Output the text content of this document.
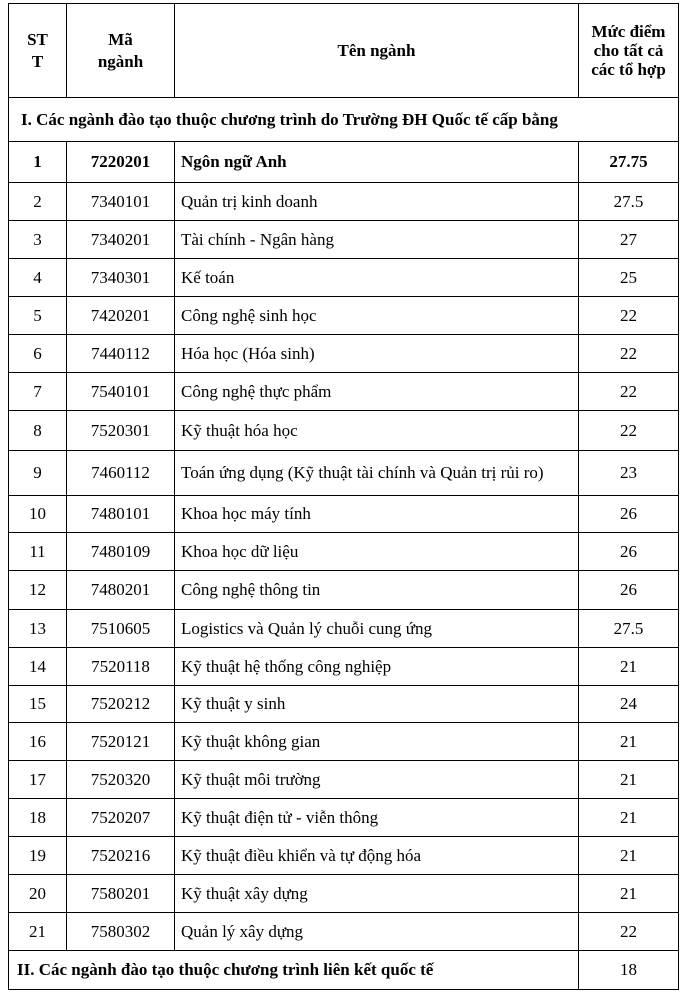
STT	Mã ngành	Tên ngành	Mức điểm cho tất cả các tổ hợp
I. Các ngành đào tạo thuộc chương trình do Trường ĐH Quốc tế cấp bằng			
1	7220201	Ngôn ngữ Anh	27.75
2	7340101	Quản trị kinh doanh	27.5
3	7340201	Tài chính - Ngân hàng	27
4	7340301	Kế toán	25
5	7420201	Công nghệ sinh học	22
6	7440112	Hóa học (Hóa sinh)	22
7	7540101	Công nghệ thực phẩm	22
8	7520301	Kỹ thuật hóa học	22
9	7460112	Toán ứng dụng (Kỹ thuật tài chính và Quản trị rủi ro)	23
10	7480101	Khoa học máy tính	26
11	7480109	Khoa học dữ liệu	26
12	7480201	Công nghệ thông tin	26
13	7510605	Logistics và Quản lý chuỗi cung ứng	27.5
14	7520118	Kỹ thuật hệ thống công nghiệp	21
15	7520212	Kỹ thuật y sinh	24
16	7520121	Kỹ thuật không gian	21
17	7520320	Kỹ thuật môi trường	21
18	7520207	Kỹ thuật điện tử - viễn thông	21
19	7520216	Kỹ thuật điều khiển và tự động hóa	21
20	7580201	Kỹ thuật xây dựng	21
21	7580302	Quản lý xây dựng	22
II. Các ngành đào tạo thuộc chương trình liên kết quốc tế			18
